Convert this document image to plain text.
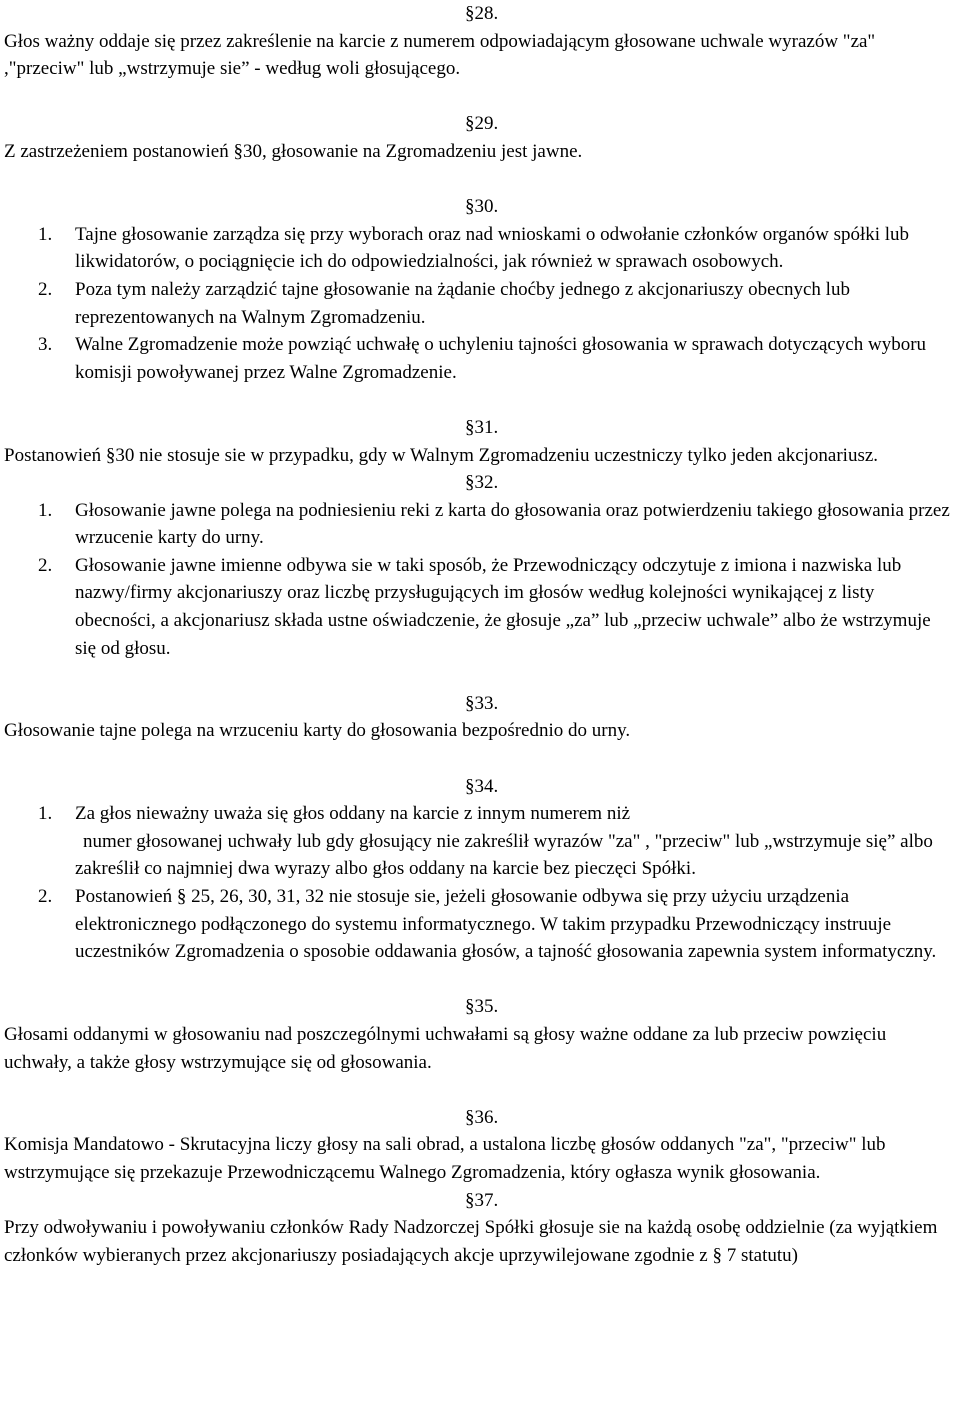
§28.

Głos ważny oddaje się przez zakreślenie na karcie z numerem odpowiadającym głosowane uchwale wyrazów "za" ,"przeciw" lub „wstrzymuje sie” - według woli głosującego.

§29.

Z zastrzeżeniem postanowień §30, głosowanie na Zgromadzeniu jest jawne.

§30.

1. Tajne głosowanie zarządza się przy wyborach oraz nad wnioskami o odwołanie członków organów spółki lub likwidatorów, o pociągnięcie ich do odpowiedzialności, jak również w sprawach osobowych.
2. Poza tym należy zarządzić tajne głosowanie na żądanie choćby jednego z akcjonariuszy obecnych lub reprezentowanych na Walnym Zgromadzeniu.
3. Walne Zgromadzenie może powziąć uchwałę o uchyleniu tajności głosowania w sprawach dotyczących wyboru komisji powoływanej przez Walne Zgromadzenie.

§31.

Postanowień §30 nie stosuje sie w przypadku, gdy w Walnym Zgromadzeniu uczestniczy tylko jeden akcjonariusz.

§32.

1. Głosowanie jawne polega na podniesieniu reki z karta do głosowania oraz potwierdzeniu takiego głosowania przez wrzucenie karty do urny.
2. Głosowanie jawne imienne odbywa sie w taki sposób, że Przewodniczący odczytuje z imiona i nazwiska lub nazwy/firmy akcjonariuszy oraz liczbę przysługujących im głosów według kolejności wynikającej z listy obecności, a akcjonariusz składa ustne oświadczenie, że głosuje „za” lub „przeciw uchwale” albo że wstrzymuje się od głosu.

§33.

Głosowanie tajne polega na wrzuceniu karty do głosowania bezpośrednio do urny.

§34.

1. Za głos nieważny uważa się głos oddany na karcie z innym numerem niż
numer głosowanej uchwały lub gdy głosujący nie zakreślił wyrazów "za" , "przeciw" lub „wstrzymuje się” albo zakreślił co najmniej dwa wyrazy albo głos oddany na karcie bez pieczęci Spółki.
2. Postanowień § 25, 26, 30, 31, 32 nie stosuje sie, jeżeli głosowanie odbywa się przy użyciu urządzenia elektronicznego podłączonego do systemu informatycznego. W takim przypadku Przewodniczący instruuje uczestników Zgromadzenia o sposobie oddawania głosów, a tajność głosowania zapewnia system informatyczny.

§35.

Głosami oddanymi w głosowaniu nad poszczególnymi uchwałami są głosy ważne oddane za lub przeciw powzięciu uchwały, a także głosy wstrzymujące się od głosowania.

§36.

Komisja Mandatowo - Skrutacyjna liczy głosy na sali obrad, a ustalona liczbę głosów oddanych "za", "przeciw" lub wstrzymujące się przekazuje Przewodniczącemu Walnego Zgromadzenia, który ogłasza wynik głosowania.

§37.

Przy odwoływaniu i powoływaniu członków Rady Nadzorczej Spółki głosuje sie na każdą osobę oddzielnie (za wyjątkiem członków wybieranych przez akcjonariuszy posiadających akcje uprzywilejowane zgodnie z § 7 statutu)
